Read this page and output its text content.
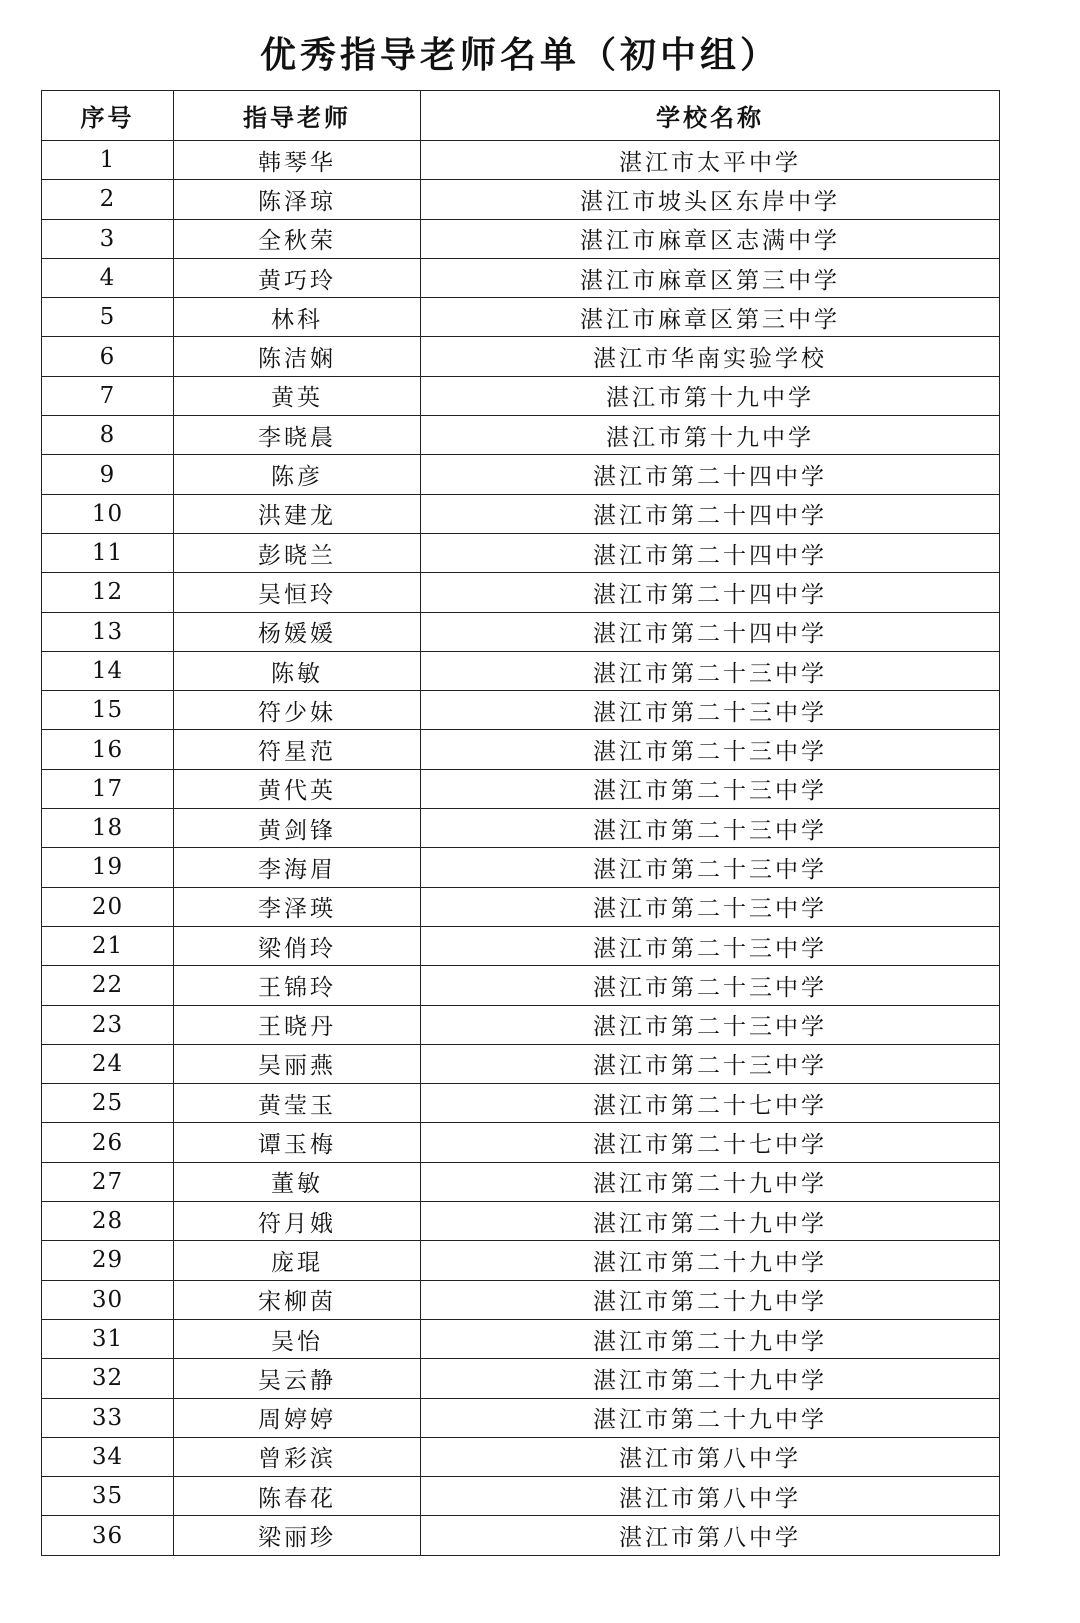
优秀指导老师名单（初中组）
序号	指导老师	学校名称
1	韩琴华	湛江市太平中学
2	陈泽琼	湛江市坡头区东岸中学
3	全秋荣	湛江市麻章区志满中学
4	黄巧玲	湛江市麻章区第三中学
5	林科	湛江市麻章区第三中学
6	陈洁娴	湛江市华南实验学校
7	黄英	湛江市第十九中学
8	李晓晨	湛江市第十九中学
9	陈彦	湛江市第二十四中学
10	洪建龙	湛江市第二十四中学
11	彭晓兰	湛江市第二十四中学
12	吴恒玲	湛江市第二十四中学
13	杨媛媛	湛江市第二十四中学
14	陈敏	湛江市第二十三中学
15	符少妹	湛江市第二十三中学
16	符星范	湛江市第二十三中学
17	黄代英	湛江市第二十三中学
18	黄剑锋	湛江市第二十三中学
19	李海眉	湛江市第二十三中学
20	李泽瑛	湛江市第二十三中学
21	梁俏玲	湛江市第二十三中学
22	王锦玲	湛江市第二十三中学
23	王晓丹	湛江市第二十三中学
24	吴丽燕	湛江市第二十三中学
25	黄莹玉	湛江市第二十七中学
26	谭玉梅	湛江市第二十七中学
27	董敏	湛江市第二十九中学
28	符月娥	湛江市第二十九中学
29	庞琨	湛江市第二十九中学
30	宋柳茵	湛江市第二十九中学
31	吴怡	湛江市第二十九中学
32	吴云静	湛江市第二十九中学
33	周婷婷	湛江市第二十九中学
34	曾彩滨	湛江市第八中学
35	陈春花	湛江市第八中学
36	梁丽珍	湛江市第八中学
